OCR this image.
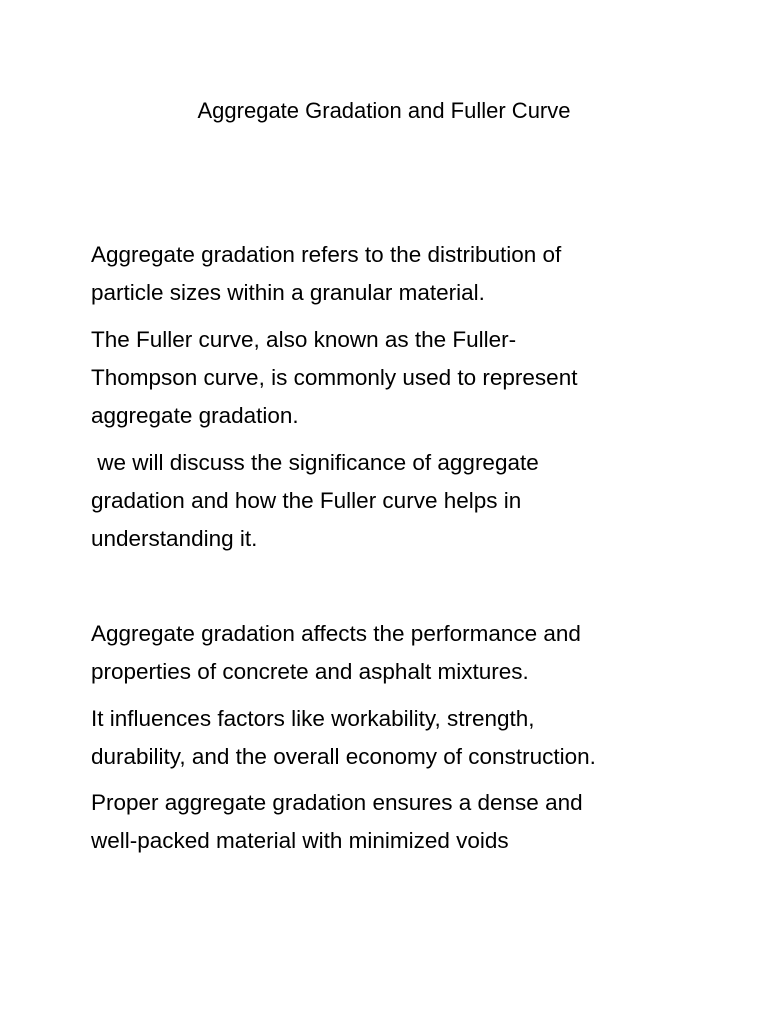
Aggregate Gradation and Fuller Curve

Aggregate gradation refers to the distribution of
particle sizes within a granular material.

The Fuller curve, also known as the Fuller-
Thompson curve, is commonly used to represent
aggregate gradation.

we will discuss the significance of aggregate
gradation and how the Fuller curve helps in
understanding it.

Aggregate gradation affects the performance and
properties of concrete and asphalt mixtures.

It influences factors like workability, strength,
durability, and the overall economy of construction.

Proper aggregate gradation ensures a dense and
well-packed material with minimized voids
